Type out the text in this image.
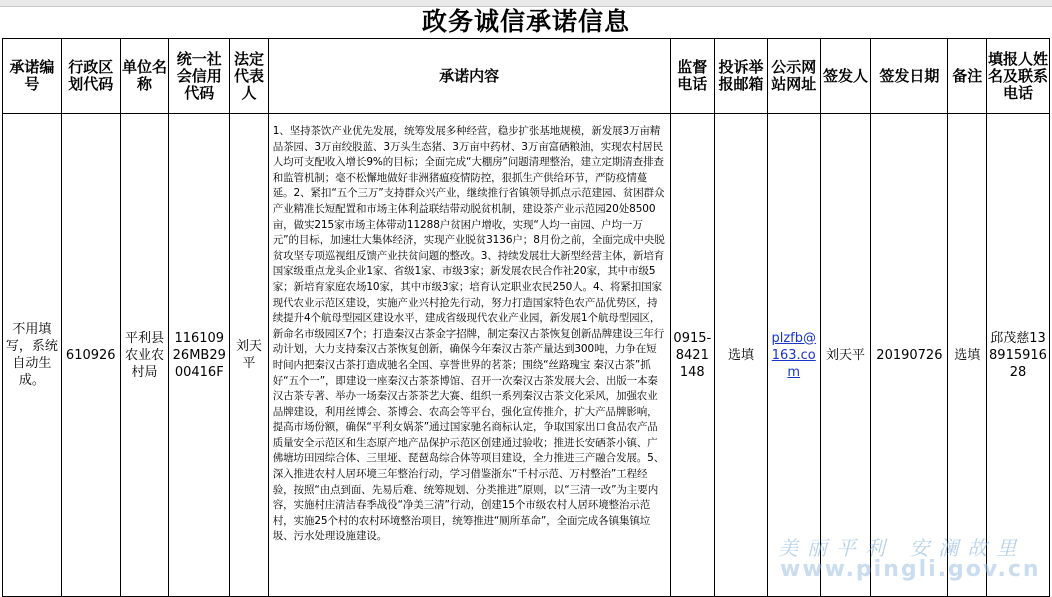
政务诚信承诺信息
承诺编号	行政区划代码	单位名称	统一社会信用代码	法定代表人	承诺内容	监督电话	投诉举报邮箱	公示网站网址	签发人	签发日期	备注	填报人姓名及联系电话

不用填写，系统自动生成。	610926	平利县农业农村局	11610926MB2900416F	刘天平	1、坚持茶饮产业优先发展，统筹发展多种经营，稳步扩张基地规模，新发展3万亩精品茶园、3万亩绞股蓝、3万头生态猪、3万亩中药材、3万亩富硒粮油，实现农村居民人均可支配收入增长9%的目标；全面完成“大棚房”问题清理整治，建立定期清查排查和监管机制；毫不松懈地做好非洲猪瘟疫情防控，狠抓生产供给环节，严防疫情蔓延。2、紧扣“五个三万”支持群众兴产业，继续推行省镇领导抓点示范建园、贫困群众产业精准长短配置和市场主体利益联结带动脱贫机制，建设茶产业示范园20处8500亩，做实215家市场主体带动11288户贫困户增收，实现“人均一亩园、户均一万元”的目标，加速壮大集体经济，实现产业脱贫3136户；8月份之前，全面完成中央脱贫攻坚专项巡视组反馈产业扶贫问题的整改。3、持续发展壮大新型经营主体，新培育国家级重点龙头企业1家、省级1家、市级3家；新发展农民合作社20家，其中市级5家；新培育家庭农场10家，其中市级3家；培育认定职业农民250人。4、将紧扣国家现代农业示范区建设，实施产业兴村抢先行动，努力打造国家特色农产品优势区，持续提升4个航母型园区建设水平，建成省级现代农业产业园，新发展1个航母型园区，新命名市级园区7个；打造秦汉古茶金字招牌，制定秦汉古茶恢复创新品牌建设三年行动计划，大力支持秦汉古茶恢复创新，确保今年秦汉古茶产量达到300吨，力争在短时间内把秦汉古茶打造成驰名全国、享誉世界的茗茶；围绕“丝路瑰宝 秦汉古茶”抓好“五个一”，即建设一座秦汉古茶茶博馆、召开一次秦汉古茶发展大会、出版一本秦汉古茶专著、举办一场秦汉古茶茶艺大赛、组织一系列秦汉古茶文化采风，加强农业品牌建设，利用丝博会、茶博会、农高会等平台，强化宣传推介，扩大产品牌影响，提高市场份额，确保“平利女娲茶”通过国家驰名商标认定，争取国家出口食品农产品质量安全示范区和生态原产地产品保护示范区创建通过验收；推进长安硒茶小镇、广佛塘坊田园综合体、三里垭、琵琶岛综合体等项目建设，全力推进三产融合发展。5、深入推进农村人居环境三年整治行动，学习借鉴浙东“千村示范、万村整治”工程经验，按照“由点到面、先易后难、统筹规划、分类推进”原则，以“三清一改”为主要内容，实施村庄清洁春季战役“净美三清”行动，创建15个市级农村人居环境整治示范村，实施25个村的农村环境整治项目，统筹推进“厕所革命”，全面完成各镇集镇垃圾、污水处理设施建设。	0915-8421148	选填	plzfb@163.com	刘天平	20190726	选填	邱茂慈13891591628
美丽平利 安澜故里
www.pingli.gov.cn
